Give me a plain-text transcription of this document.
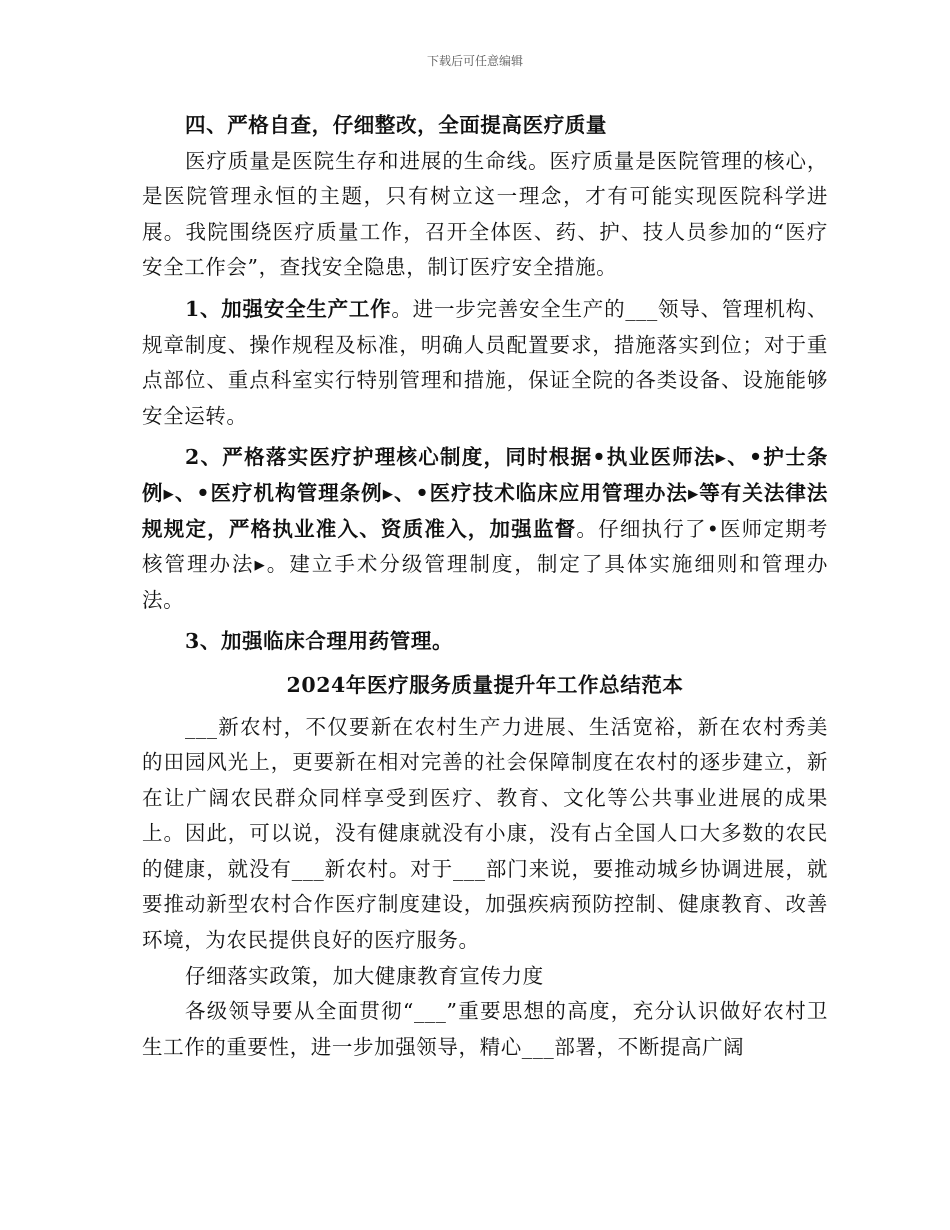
下载后可任意编辑

四、严格自查，仔细整改，全面提高医疗质量

医疗质量是医院生存和进展的生命线。医疗质量是医院管理的核心，是医院管理永恒的主题，只有树立这一理念，才有可能实现医院科学进展。我院围绕医疗质量工作，召开全体医、药、护、技人员参加的“医疗安全工作会”，查找安全隐患，制订医疗安全措施。

1、加强安全生产工作。进一步完善安全生产的___领导、管理机构、规章制度、操作规程及标准，明确人员配置要求，措施落实到位；对于重点部位、重点科室实行特别管理和措施，保证全院的各类设备、设施能够安全运转。

2、严格落实医疗护理核心制度，同时根据•执业医师法▸、•护士条例▸、•医疗机构管理条例▸、•医疗技术临床应用管理办法▸等有关法律法规规定，严格执业准入、资质准入，加强监督。仔细执行了•医师定期考核管理办法▸。建立手术分级管理制度，制定了具体实施细则和管理办法。

3、加强临床合理用药管理。

2024年医疗服务质量提升年工作总结范本

___新农村，不仅要新在农村生产力进展、生活宽裕，新在农村秀美的田园风光上，更要新在相对完善的社会保障制度在农村的逐步建立，新在让广阔农民群众同样享受到医疗、教育、文化等公共事业进展的成果上。因此，可以说，没有健康就没有小康，没有占全国人口大多数的农民的健康，就没有___新农村。对于___部门来说，要推动城乡协调进展，就要推动新型农村合作医疗制度建设，加强疾病预防控制、健康教育、改善环境，为农民提供良好的医疗服务。

仔细落实政策，加大健康教育宣传力度

各级领导要从全面贯彻“___”重要思想的高度，充分认识做好农村卫生工作的重要性，进一步加强领导，精心___部署，不断提高广阔
